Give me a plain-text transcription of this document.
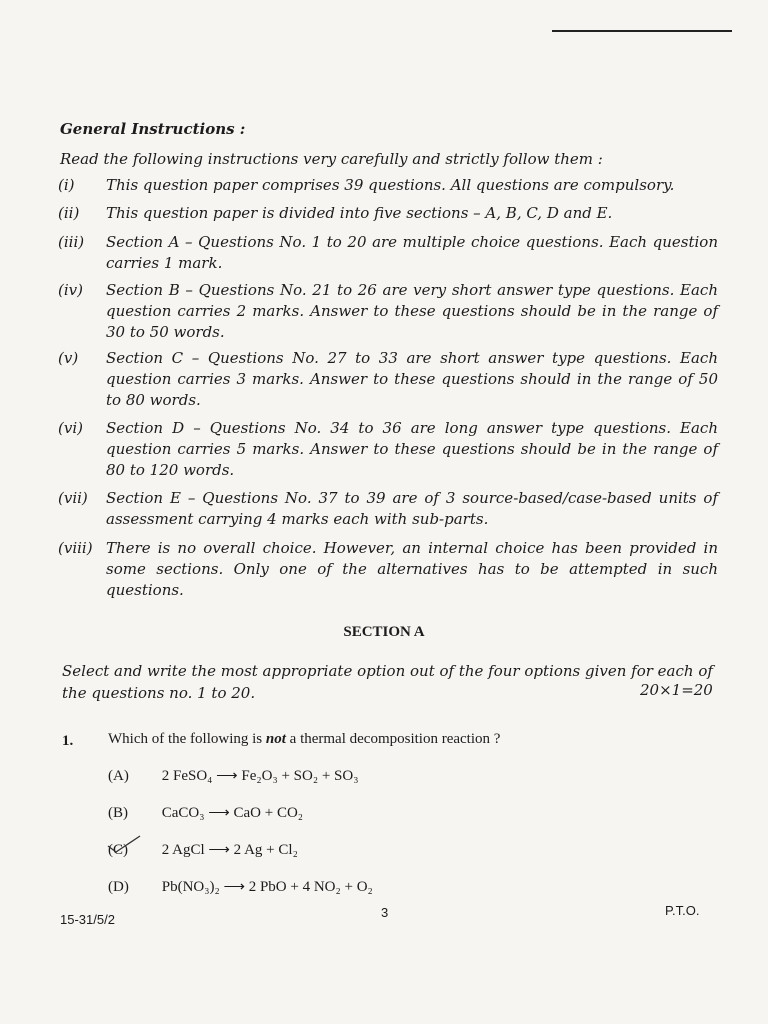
General Instructions :
Read the following instructions very carefully and strictly follow them :
(i)	This question paper comprises 39 questions. All questions are compulsory.
(ii)	This question paper is divided into five sections – A, B, C, D and E.
(iii)	Section A – Questions No. 1 to 20 are multiple choice questions. Each question carries 1 mark.
(iv)	Section B – Questions No. 21 to 26 are very short answer type questions. Each question carries 2 marks. Answer to these questions should be in the range of 30 to 50 words.
(v)	Section C – Questions No. 27 to 33 are short answer type questions. Each question carries 3 marks. Answer to these questions should in the range of 50 to 80 words.
(vi)	Section D – Questions No. 34 to 36 are long answer type questions. Each question carries 5 marks. Answer to these questions should be in the range of 80 to 120 words.
(vii)	Section E – Questions No. 37 to 39 are of 3 source-based/case-based units of assessment carrying 4 marks each with sub-parts.
(viii) There is no overall choice. However, an internal choice has been provided in some sections. Only one of the alternatives has to be attempted in such questions.
SECTION A
Select and write the most appropriate option out of the four options given for each of the questions no. 1 to 20.	20×1=20
1. Which of the following is not a thermal decomposition reaction ?
(A) 2 FeSO₄ ⟶ Fe₂O₃ + SO₂ + SO₃
(B) CaCO₃ ⟶ CaO + CO₂
(C) 2 AgCl ⟶ 2 Ag + Cl₂
(D) Pb(NO₃)₂ ⟶ 2 PbO + 4 NO₂ + O₂
15-31/5/2	3	P.T.O.
